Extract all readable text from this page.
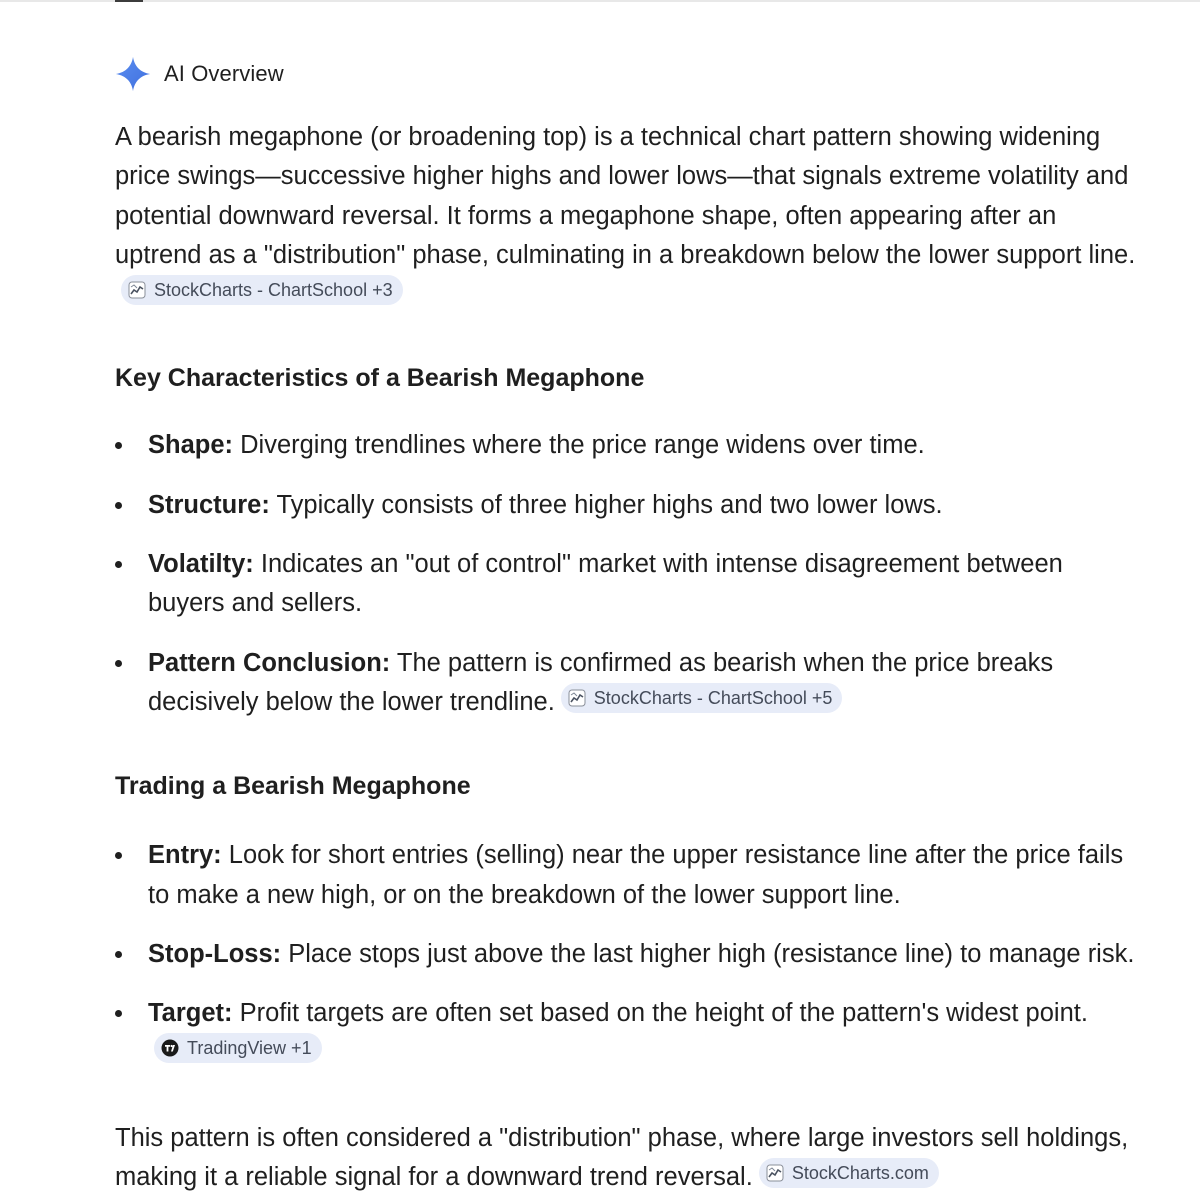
AI Overview

A bearish megaphone (or broadening top) is a technical chart pattern showing widening price swings—successive higher highs and lower lows—that signals extreme volatility and potential downward reversal. It forms a megaphone shape, often appearing after an uptrend as a "distribution" phase, culminating in a breakdown below the lower support line.
StockCharts - ChartSchool +3

Key Characteristics of a Bearish Megaphone
Shape: Diverging trendlines where the price range widens over time.
Structure: Typically consists of three higher highs and two lower lows.
Volatilty: Indicates an "out of control" market with intense disagreement between buyers and sellers.
Pattern Conclusion: The pattern is confirmed as bearish when the price breaks decisively below the lower trendline. StockCharts - ChartSchool +5
Trading a Bearish Megaphone
Entry: Look for short entries (selling) near the upper resistance line after the price fails to make a new high, or on the breakdown of the lower support line.
Stop-Loss: Place stops just above the last higher high (resistance line) to manage risk.
Target: Profit targets are often set based on the height of the pattern's widest point.
TradingView +1

This pattern is often considered a "distribution" phase, where large investors sell holdings, making it a reliable signal for a downward trend reversal. StockCharts.com
